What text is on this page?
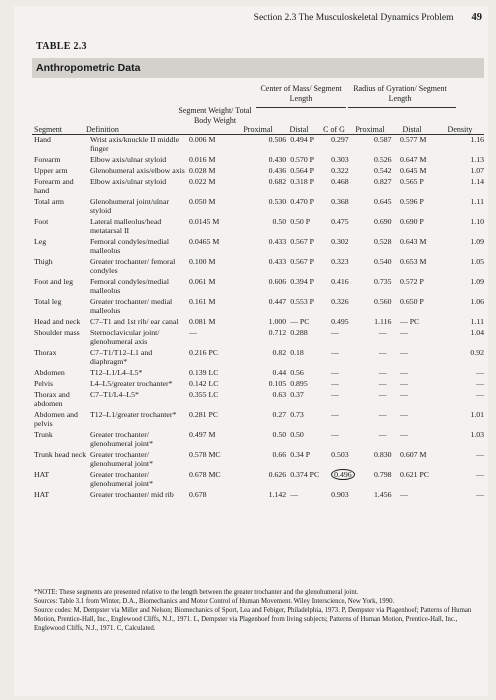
Section 2.3 The Musculoskeletal Dynamics Problem 49
TABLE 2.3
Anthropometric Data
Center of Mass/ Segment Length
Radius of Gyration/ Segment Length
Segment Weight/ Total Body Weight
Segment	Definition	Proximal	Distal	C of G	Proximal	Distal	Density
Hand	Wrist axis/knuckle II middle finger	0.006 M	0.506	0.494 P	0.297	0.587	0.577 M	1.16
Forearm	Elbow axis/ulnar styloid	0.016 M	0.430	0.570 P	0.303	0.526	0.647 M	1.13
Upper arm	Glenohumeral axis/elbow axis	0.028 M	0.436	0.564 P	0.322	0.542	0.645 M	1.07
Forearm and hand	Elbow axis/ulnar styloid	0.022 M	0.682	0.318 P	0.468	0.827	0.565 P	1.14
Total arm	Glenohumeral joint/ulnar styloid	0.050 M	0.530	0.470 P	0.368	0.645	0.596 P	1.11
Foot	Lateral malleolus/head metatarsal II	0.0145 M	0.50	0.50 P	0.475	0.690	0.690 P	1.10
Leg	Femoral condyles/medial malleolus	0.0465 M	0.433	0.567 P	0.302	0.528	0.643 M	1.09
Thigh	Greater trochanter/ femoral condyles	0.100 M	0.433	0.567 P	0.323	0.540	0.653 M	1.05
Foot and leg	Femoral condyles/medial malleolus	0.061 M	0.606	0.394 P	0.416	0.735	0.572 P	1.09
Total leg	Greater trochanter/ medial malleolus	0.161 M	0.447	0.553 P	0.326	0.560	0.650 P	1.06
Head and neck	C7–T1 and 1st rib/ ear canal	0.081 M	1.000	— PC	0.495	1.116	— PC	1.11
Shoulder mass	Sternoclavicular joint/ glenohumeral axis	—	0.712	0.288	—	—	—	1.04
Thorax	C7–T1/T12–L1 and diaphragm*	0.216 PC	0.82	0.18	—	—	—	0.92
Abdomen	T12–L1/L4–L5*	0.139 LC	0.44	0.56	—	—	—	—
Pelvis	L4–L5/greater trochanter*	0.142 LC	0.105	0.895	—	—	—	—
Thorax and abdomen	C7–T1/L4–L5*	0.355 LC	0.63	0.37	—	—	—	—
Abdomen and pelvis	T12–L1/greater trochanter*	0.281 PC	0.27	0.73	—	—	—	1.01
Trunk	Greater trochanter/ glenohumeral joint*	0.497 M	0.50	0.50	—	—	—	1.03
Trunk head neck	Greater trochanter/ glenohumeral joint*	0.578 MC	0.66	0.34 P	0.503	0.830	0.607 M	—
HAT	Greater trochanter/ glenohumeral joint*	0.678 MC	0.626	0.374 PC	0.496	0.798	0.621 PC	—
HAT	Greater trochanter/ mid rib	0.678	1.142	—	0.903	1.456	—	—
*NOTE: These segments are presented relative to the length between the greater trochanter and the glenohumeral joint.
Sources: Table 3.1 from Winter, D.A., Biomechanics and Motor Control of Human Movement. Wiley Interscience, New York, 1990.
Source codes: M, Dempster via Miller and Nelson; Biomechanics of Sport, Lea and Febiger, Philadelphia, 1973. P, Dempster via Plagenhoef; Patterns of Human Motion, Prentice-Hall, Inc., Englewood Cliffs, N.J., 1971. L, Dempster via Plagenhoef from living subjects; Patterns of Human Motion, Prentice-Hall, Inc., Englewood Cliffs, N.J., 1971. C, Calculated.
